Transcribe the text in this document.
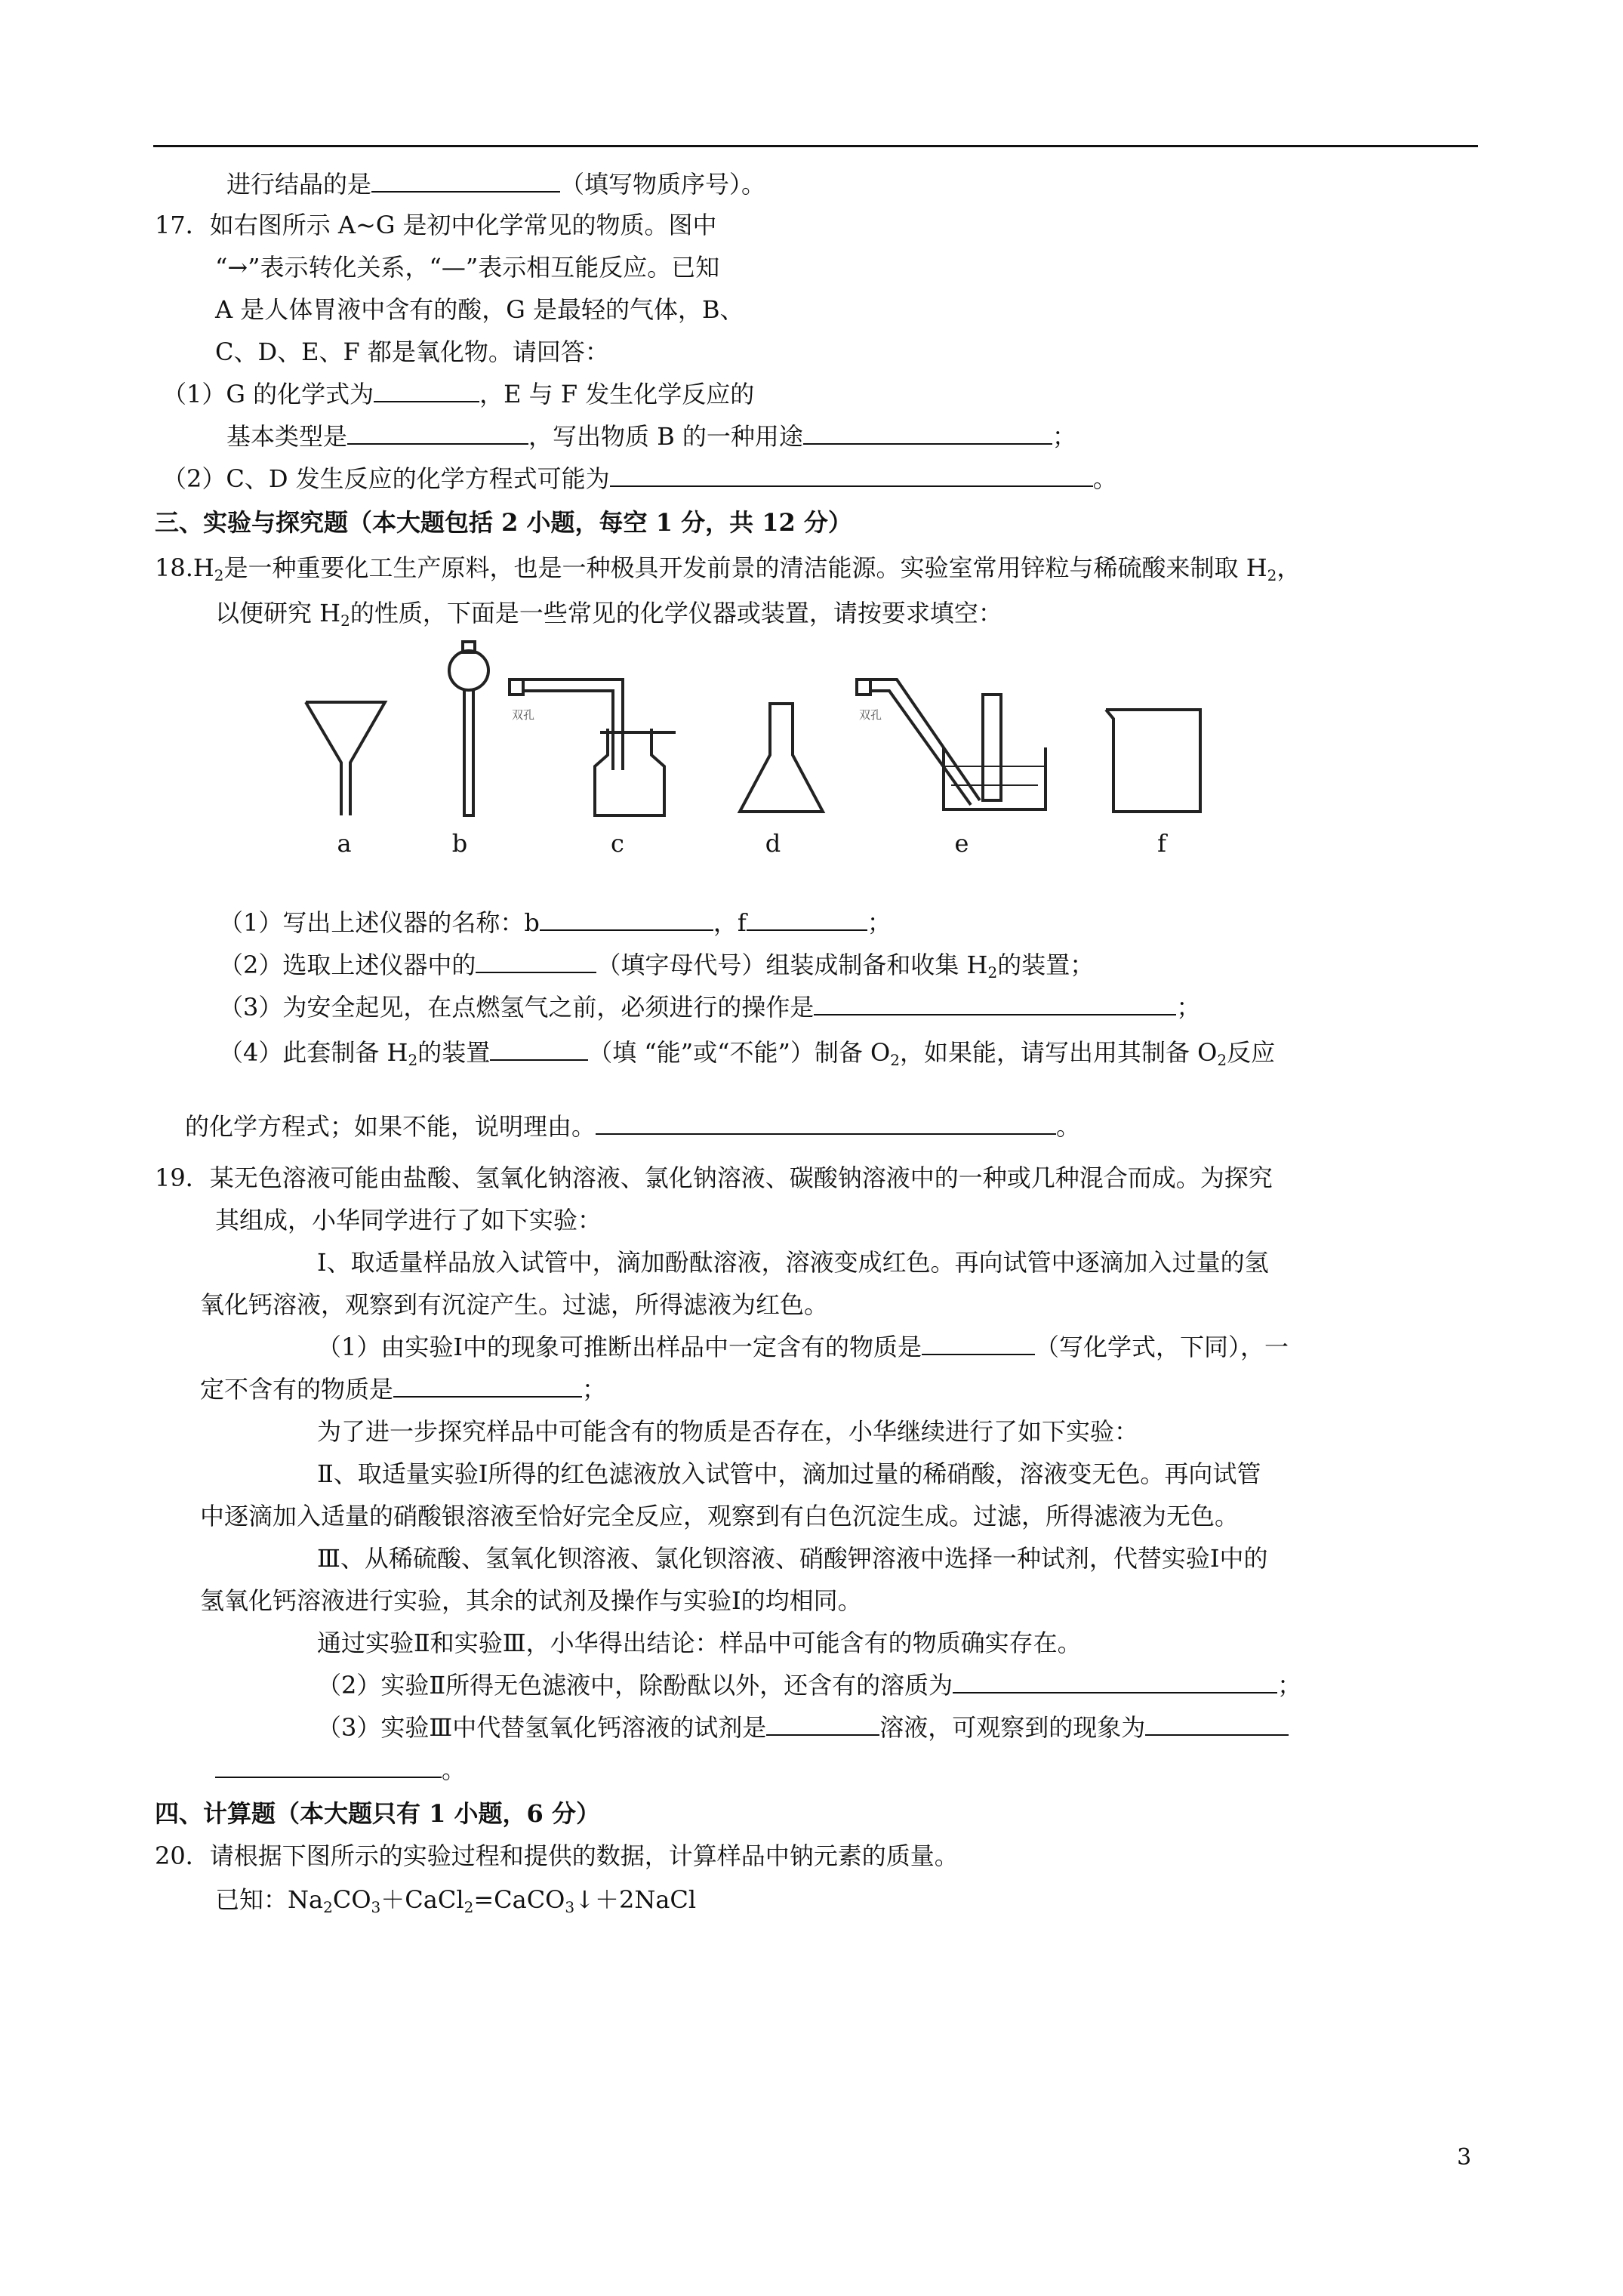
进行结晶的是	（填写物质序号）。
17．如右图所示 A~G 是初中化学常见的物质。图中
“→”表示转化关系，“—”表示相互能反应。已知
A 是人体胃液中含有的酸，G 是最轻的气体，B、
C、D、E、F 都是氧化物。请回答：
（1）G 的化学式为	，E 与 F 发生化学反应的
基本类型是	，写出物质 B 的一种用途	；
（2）C、D 发生反应的化学方程式可能为	。
三、实验与探究题（本大题包括 2 小题，每空 1 分，共 12 分）
$18.H_2$是一种重要化工生产原料，也是一种极具开发前景的清洁能源。实验室常用锌粒与稀硫酸来制取 $H_2$，
以便研究 $H_2$的性质，下面是一些常见的化学仪器或装置，请按要求填空：
双孔	双孔
a	b	c	d	e	f
（1）写出上述仪器的名称：b	，f	；
（2）选取上述仪器中的	（填字母代号）组装成制备和收集 $H_2$的装置；
（3）为安全起见，在点燃氢气之前，必须进行的操作是	；
（4）此套制备 $H_2$的装置	（填 “能”或“不能”）制备 $O_2$，如果能，请写出用其制备 $O_2$反应
的化学方程式；如果不能，说明理由。	。
19．某无色溶液可能由盐酸、氢氧化钠溶液、氯化钠溶液、碳酸钠溶液中的一种或几种混合而成。为探究
其组成，小华同学进行了如下实验：
Ⅰ、取适量样品放入试管中，滴加酚酞溶液，溶液变成红色。再向试管中逐滴加入过量的氢
氧化钙溶液，观察到有沉淀产生。过滤，所得滤液为红色。
（1）由实验Ⅰ中的现象可推断出样品中一定含有的物质是	（写化学式，下同），一
定不含有的物质是	；
为了进一步探究样品中可能含有的物质是否存在，小华继续进行了如下实验：
Ⅱ、取适量实验Ⅰ所得的红色滤液放入试管中，滴加过量的稀硝酸，溶液变无色。再向试管
中逐滴加入适量的硝酸银溶液至恰好完全反应，观察到有白色沉淀生成。过滤，所得滤液为无色。
Ⅲ、从稀硫酸、氢氧化钡溶液、氯化钡溶液、硝酸钾溶液中选择一种试剂，代替实验Ⅰ中的
氢氧化钙溶液进行实验，其余的试剂及操作与实验Ⅰ的均相同。
通过实验Ⅱ和实验Ⅲ，小华得出结论：样品中可能含有的物质确实存在。
（2）实验Ⅱ所得无色滤液中，除酚酞以外，还含有的溶质为	；
（3）实验Ⅲ中代替氢氧化钙溶液的试剂是	溶液，可观察到的现象为
。
四、计算题（本大题只有 1 小题，6 分）
20．请根据下图所示的实验过程和提供的数据，计算样品中钠元素的质量。
已知：$Na_2CO_3+CaCl_2=CaCO_3↓+2NaCl$
3
